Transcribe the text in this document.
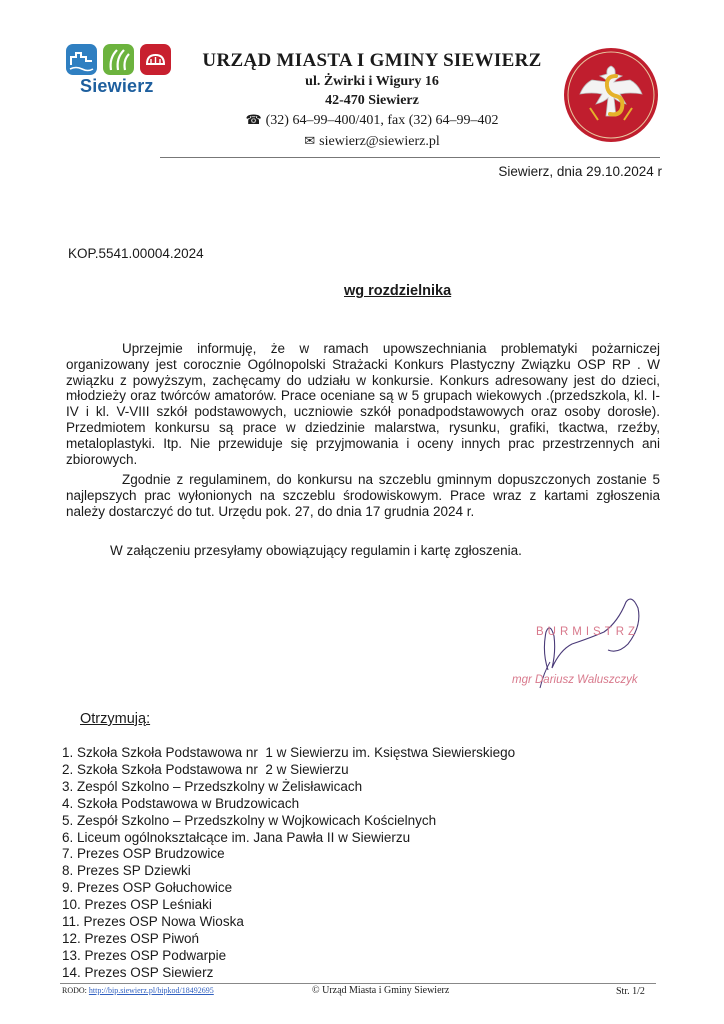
Siewierz
URZĄD MIASTA I GMINY SIEWIERZ
ul. Żwirki i Wigury 16
42-470 Siewierz
☎ (32) 64–99–400/401, fax (32) 64–99–402
✉ siewierz@siewierz.pl
Siewierz, dnia 29.10.2024 r
KOP.5541.00004.2024
wg rozdzielnika
Uprzejmie informuję, że w ramach upowszechniania problematyki pożarniczej organizowany jest corocznie Ogólnopolski Strażacki Konkurs Plastyczny Związku OSP RP . W związku z powyższym, zachęcamy do udziału w konkursie. Konkurs adresowany jest do dzieci, młodzieży oraz twórców amatorów. Prace oceniane są w 5 grupach wiekowych .(przedszkola, kl. I-IV i kl. V-VIII szkół podstawowych, uczniowie szkół ponadpodstawowych oraz osoby dorosłe). Przedmiotem konkursu są prace w dziedzinie malarstwa, rysunku, grafiki, tkactwa, rzeźby, metaloplastyki. Itp. Nie przewiduje się przyjmowania i oceny innych prac przestrzennych ani zbiorowych.
Zgodnie z regulaminem, do konkursu na szczeblu gminnym dopuszczonych zostanie 5 najlepszych prac wyłonionych na szczeblu środowiskowym. Prace wraz z kartami zgłoszenia należy dostarczyć do tut. Urzędu pok. 27, do dnia 17 grudnia 2024 r.
W załączeniu przesyłamy obowiązujący regulamin i kartę zgłoszenia.
BURMISTRZ
mgr Dariusz Waluszczyk
Otrzymują:
1. Szkoła Szkoła Podstawowa nr  1 w Siewierzu im. Księstwa Siewierskiego
2. Szkoła Szkoła Podstawowa nr  2 w Siewierzu
3. Zespól Szkolno – Przedszkolny w Żelisławicach
4. Szkoła Podstawowa w Brudzowicach
5. Zespół Szkolno – Przedszkolny w Wojkowicach Kościelnych
6. Liceum ogólnokształcące im. Jana Pawła II w Siewierzu
7. Prezes OSP Brudzowice
8. Prezes SP Dziewki
9. Prezes OSP Gołuchowice
10. Prezes OSP Leśniaki
11. Prezes OSP Nowa Wioska
12. Prezes OSP Piwoń
13. Prezes OSP Podwarpie
14. Prezes OSP Siewierz
RODO: http://bip.siewierz.pl/bipkod/18492695	© Urząd Miasta i Gminy Siewierz	Str. 1/2
